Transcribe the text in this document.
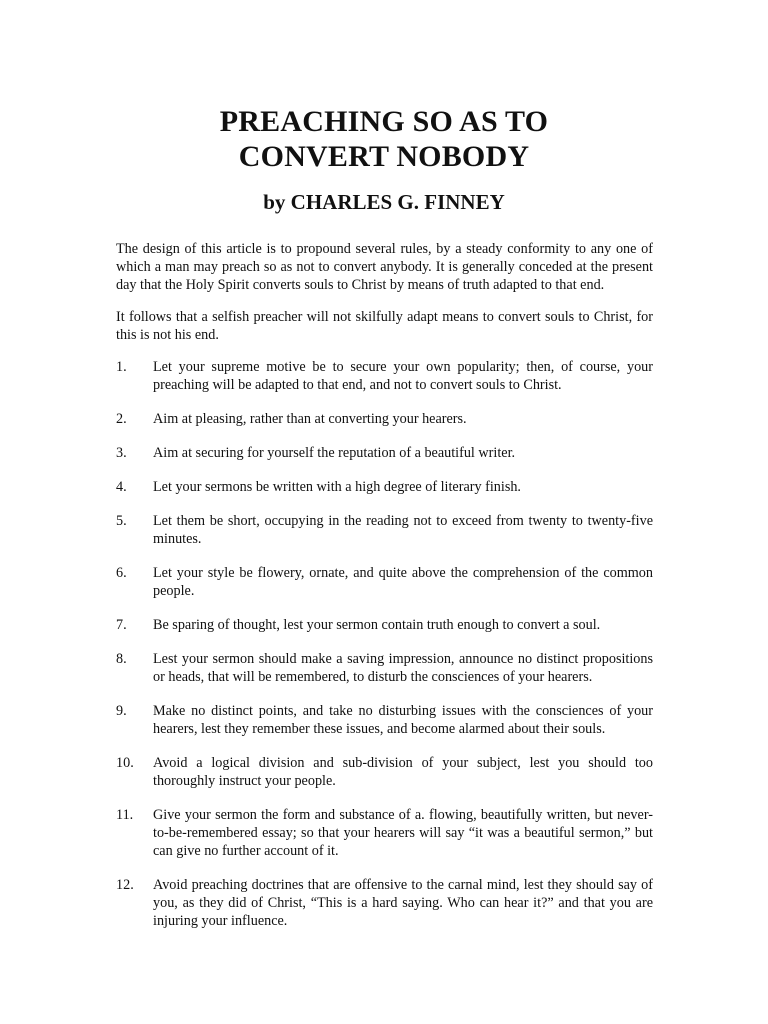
PREACHING SO AS TO
CONVERT NOBODY
by CHARLES G. FINNEY

The design of this article is to propound several rules, by a steady conformity to any one of which a man may preach so as not to convert anybody. It is generally conceded at the present day that the Holy Spirit converts souls to Christ by means of truth adapted to that end.

It follows that a selfish preacher will not skilfully adapt means to convert souls to Christ, for this is not his end.

1. Let your supreme motive be to secure your own popularity; then, of course, your preaching will be adapted to that end, and not to convert souls to Christ.
2. Aim at pleasing, rather than at converting your hearers.
3. Aim at securing for yourself the reputation of a beautiful writer.
4. Let your sermons be written with a high degree of literary finish.
5. Let them be short, occupying in the reading not to exceed from twenty to twenty-five minutes.
6. Let your style be flowery, ornate, and quite above the comprehension of the common people.
7. Be sparing of thought, lest your sermon contain truth enough to convert a soul.
8. Lest your sermon should make a saving impression, announce no distinct propositions or heads, that will be remembered, to disturb the consciences of your hearers.
9. Make no distinct points, and take no disturbing issues with the consciences of your hearers, lest they remember these issues, and become alarmed about their souls.
10. Avoid a logical division and sub-division of your subject, lest you should too thoroughly instruct your people.
11. Give your sermon the form and substance of a. flowing, beautifully written, but never-to-be-remembered essay; so that your hearers will say “it was a beautiful sermon,” but can give no further account of it.
12. Avoid preaching doctrines that are offensive to the carnal mind, lest they should say of you, as they did of Christ, “This is a hard saying. Who can hear it?” and that you are injuring your influence.
